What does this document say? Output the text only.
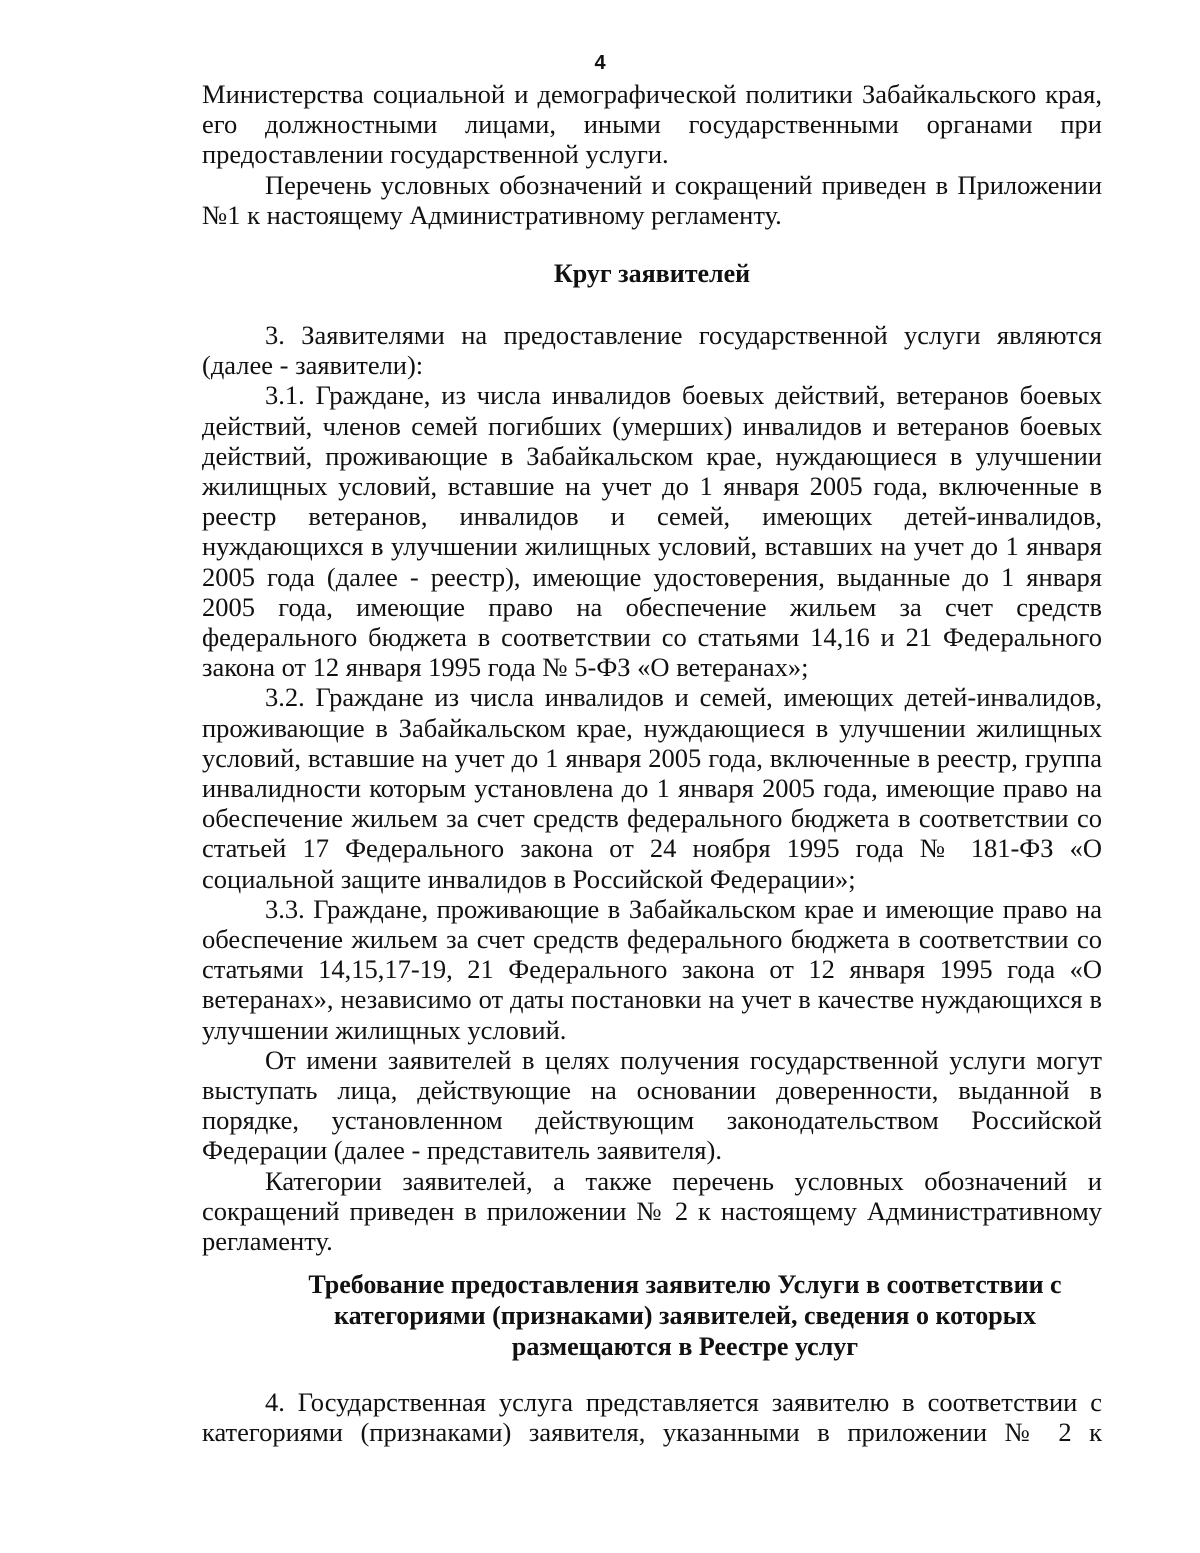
4

Министерства социальной и демографической политики Забайкальского края, его должностными лицами, иными государственными органами при предоставлении государственной услуги.

Перечень условных обозначений и сокращений приведен в Приложении №1 к настоящему Административному регламенту.

Круг заявителей

3. Заявителями на предоставление государственной услуги являются (далее - заявители):

3.1. Граждане, из числа инвалидов боевых действий, ветеранов боевых действий, членов семей погибших (умерших) инвалидов и ветеранов боевых действий, проживающие в Забайкальском крае, нуждающиеся в улучшении жилищных условий, вставшие на учет до 1 января 2005 года, включенные в реестр ветеранов, инвалидов и семей, имеющих детей-инвалидов, нуждающихся в улучшении жилищных условий, вставших на учет до 1 января 2005 года (далее - реестр), имеющие удостоверения, выданные до 1 января 2005 года, имеющие право на обеспечение жильем за счет средств федерального бюджета в соответствии со статьями 14,16 и 21 Федерального закона от 12 января 1995 года № 5-ФЗ «О ветеранах»;

3.2. Граждане из числа инвалидов и семей, имеющих детей-инвалидов, проживающие в Забайкальском крае, нуждающиеся в улучшении жилищных условий, вставшие на учет до 1 января 2005 года, включенные в реестр, группа инвалидности которым установлена до 1 января 2005 года, имеющие право на обеспечение жильем за счет средств федерального бюджета в соответствии со статьей 17 Федерального закона от 24 ноября 1995 года № 181-ФЗ «О социальной защите инвалидов в Российской Федерации»;

3.3. Граждане, проживающие в Забайкальском крае и имеющие право на обеспечение жильем за счет средств федерального бюджета в соответствии со статьями 14,15,17-19, 21 Федерального закона от 12 января 1995 года «О ветеранах», независимо от даты постановки на учет в качестве нуждающихся в улучшении жилищных условий.

От имени заявителей в целях получения государственной услуги могут выступать лица, действующие на основании доверенности, выданной в порядке, установленном действующим законодательством Российской Федерации (далее - представитель заявителя).

Категории заявителей, а также перечень условных обозначений и сокращений приведен в приложении № 2 к настоящему Административному регламенту.

Требование предоставления заявителю Услуги в соответствии с
категориями (признаками) заявителей, сведения о которых
размещаются в Реестре услуг

4. Государственная услуга представляется заявителю в соответствии с категориями (признаками) заявителя, указанными в приложении № 2 к
